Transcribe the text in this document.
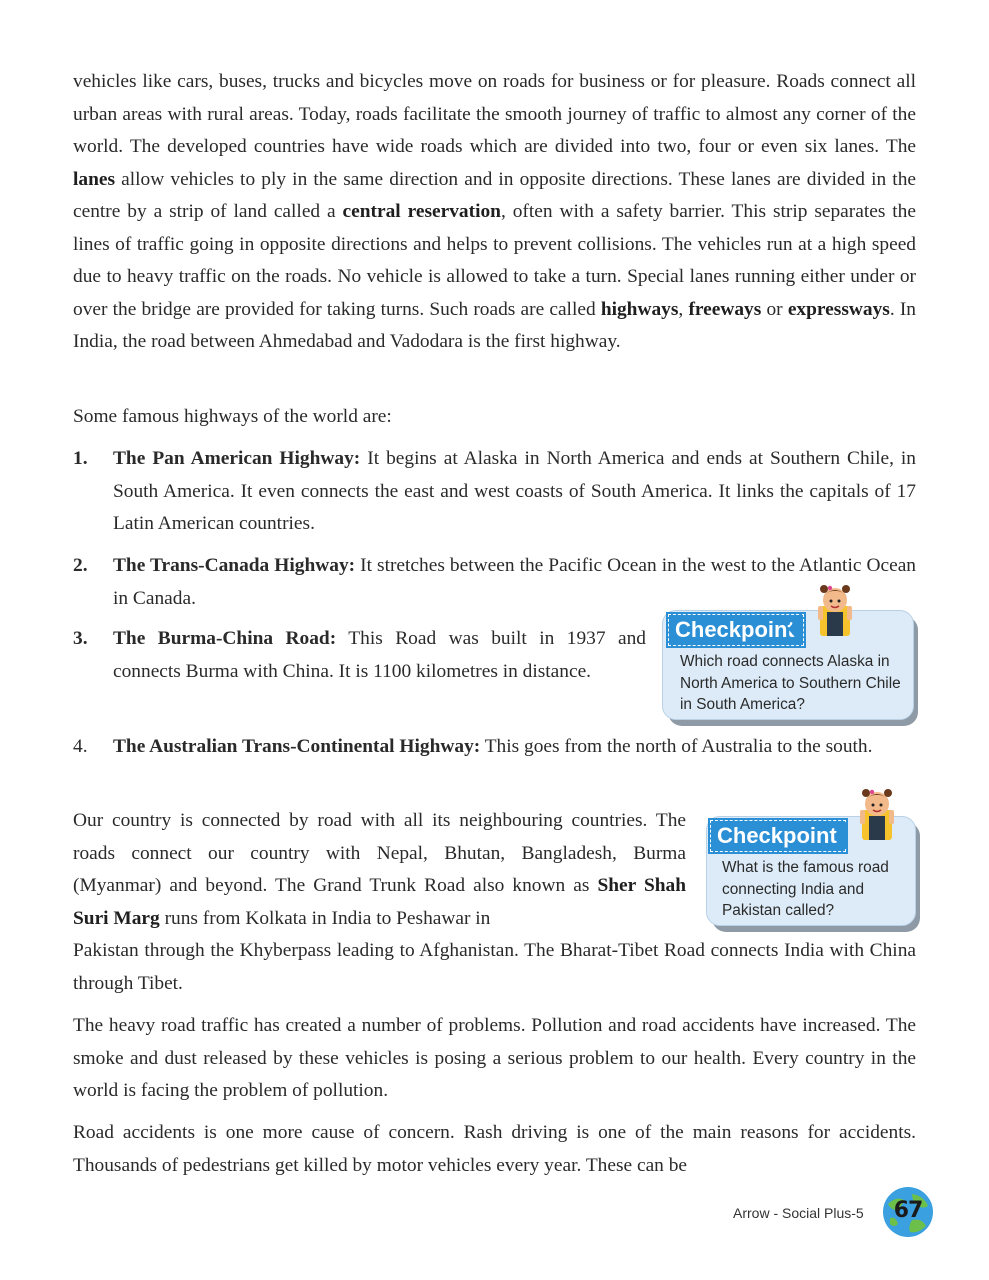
vehicles like cars, buses, trucks and bicycles move on roads for business or for pleasure. Roads connect all urban areas with rural areas. Today, roads facilitate the smooth journey of traffic to almost any corner of the world. The developed countries have wide roads which are divided into two, four or even six lanes. The lanes allow vehicles to ply in the same direction and in opposite directions. These lanes are divided in the centre by a strip of land called a central reservation, often with a safety barrier. This strip separates the lines of traffic going in opposite directions and helps to prevent collisions. The vehicles run at a high speed due to heavy traffic on the roads. No vehicle is allowed to take a turn. Special lanes running either under or over the bridge are provided for taking turns. Such roads are called highways, freeways or expressways. In India, the road between Ahmedabad and Vadodara is the first highway.

Some famous highways of the world are:

1. The Pan American Highway: It begins at Alaska in North America and ends at Southern Chile, in South America. It even connects the east and west coasts of South America. It links the capitals of 17 Latin American countries.

2. The Trans-Canada Highway: It stretches between the Pacific Ocean in the west to the Atlantic Ocean in Canada.

3. The Burma-China Road: This Road was built in 1937 and connects Burma with China. It is 1100 kilometres in distance.

4. The Australian Trans-Continental Highway: This goes from the north of Australia to the south.

Our country is connected by road with all its neighbouring countries. The roads connect our country with Nepal, Bhutan, Bangladesh, Burma (Myanmar) and beyond. The Grand Trunk Road also known as Sher Shah Suri Marg runs from Kolkata in India to Peshawar in

Pakistan through the Khyberpass leading to Afghanistan. The Bharat-Tibet Road connects India with China through Tibet.

The heavy road traffic has created a number of problems. Pollution and road accidents have increased. The smoke and dust released by these vehicles is posing a serious problem to our health. Every country in the world is facing the problem of pollution.

Road accidents is one more cause of concern. Rash driving is one of the main reasons for accidents. Thousands of pedestrians get killed by motor vehicles every year. These can be

Checkpoint
Which road connects Alaska in North America to Southern Chile in South America?
Checkpoint
What is the famous road connecting India and Pakistan called?
Arrow - Social Plus-5	67
